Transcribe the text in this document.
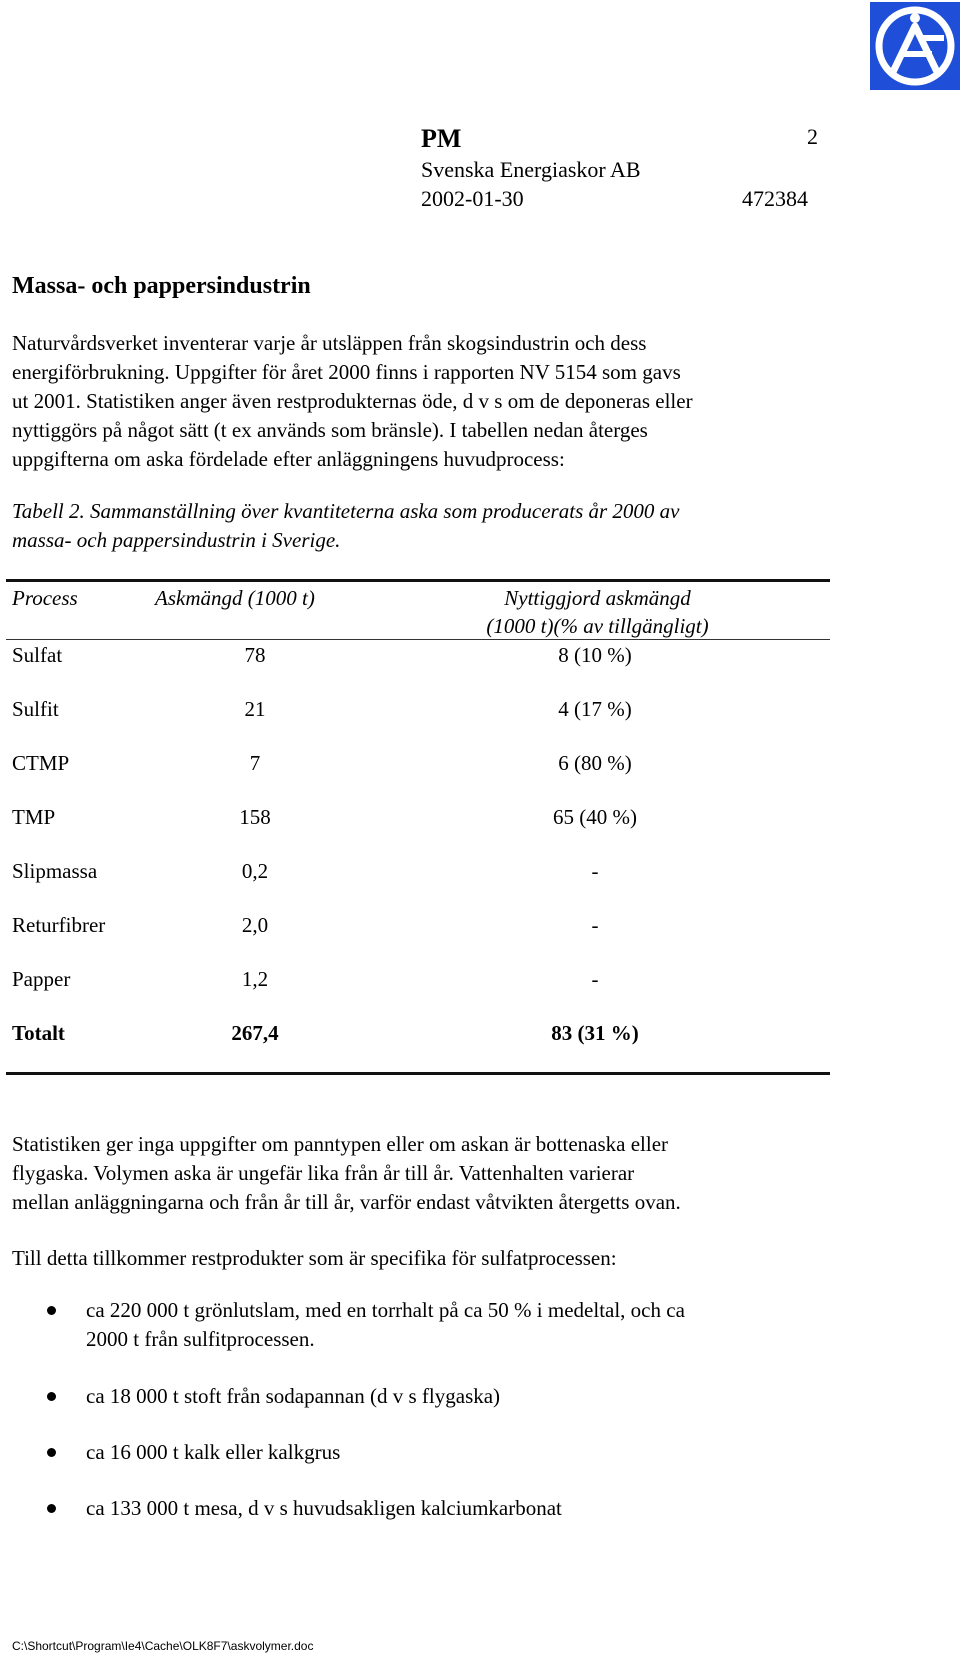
PM	2
Svenska Energiaskor AB
2002-01-30	472384
Massa- och pappersindustrin
Naturvårdsverket inventerar varje år utsläppen från skogsindustrin och dess
energiförbrukning. Uppgifter för året 2000 finns i rapporten NV 5154 som gavs
ut 2001. Statistiken anger även restprodukternas öde, d v s om de deponeras eller
nyttiggörs på något sätt (t ex används som bränsle). I tabellen nedan återges
uppgifterna om aska fördelade efter anläggningens huvudprocess:
Tabell 2. Sammanställning över kvantiteterna aska som producerats år 2000 av
massa- och pappersindustrin i Sverige.
Process	Askmängd (1000 t)	Nyttiggjord askmängd
(1000 t)(% av tillgängligt)
Sulfat	78	8 (10 %)
Sulfit	21	4 (17 %)
CTMP	7	6 (80 %)
TMP	158	65 (40 %)
Slipmassa	0,2	-
Returfibrer	2,0	-
Papper	1,2	-
Totalt	267,4	83 (31 %)
Statistiken ger inga uppgifter om panntypen eller om askan är bottenaska eller
flygaska. Volymen aska är ungefär lika från år till år. Vattenhalten varierar
mellan anläggningarna och från år till år, varför endast våtvikten återgetts ovan.
Till detta tillkommer restprodukter som är specifika för sulfatprocessen:
ca 220 000 t grönlutslam, med en torrhalt på ca 50 % i medeltal, och ca
2000 t från sulfitprocessen.
ca 18 000 t stoft från sodapannan (d v s flygaska)
ca 16 000 t kalk eller kalkgrus
ca 133 000 t mesa, d v s huvudsakligen kalciumkarbonat
C:\Shortcut\Program\Ie4\Cache\OLK8F7\askvolymer.doc
